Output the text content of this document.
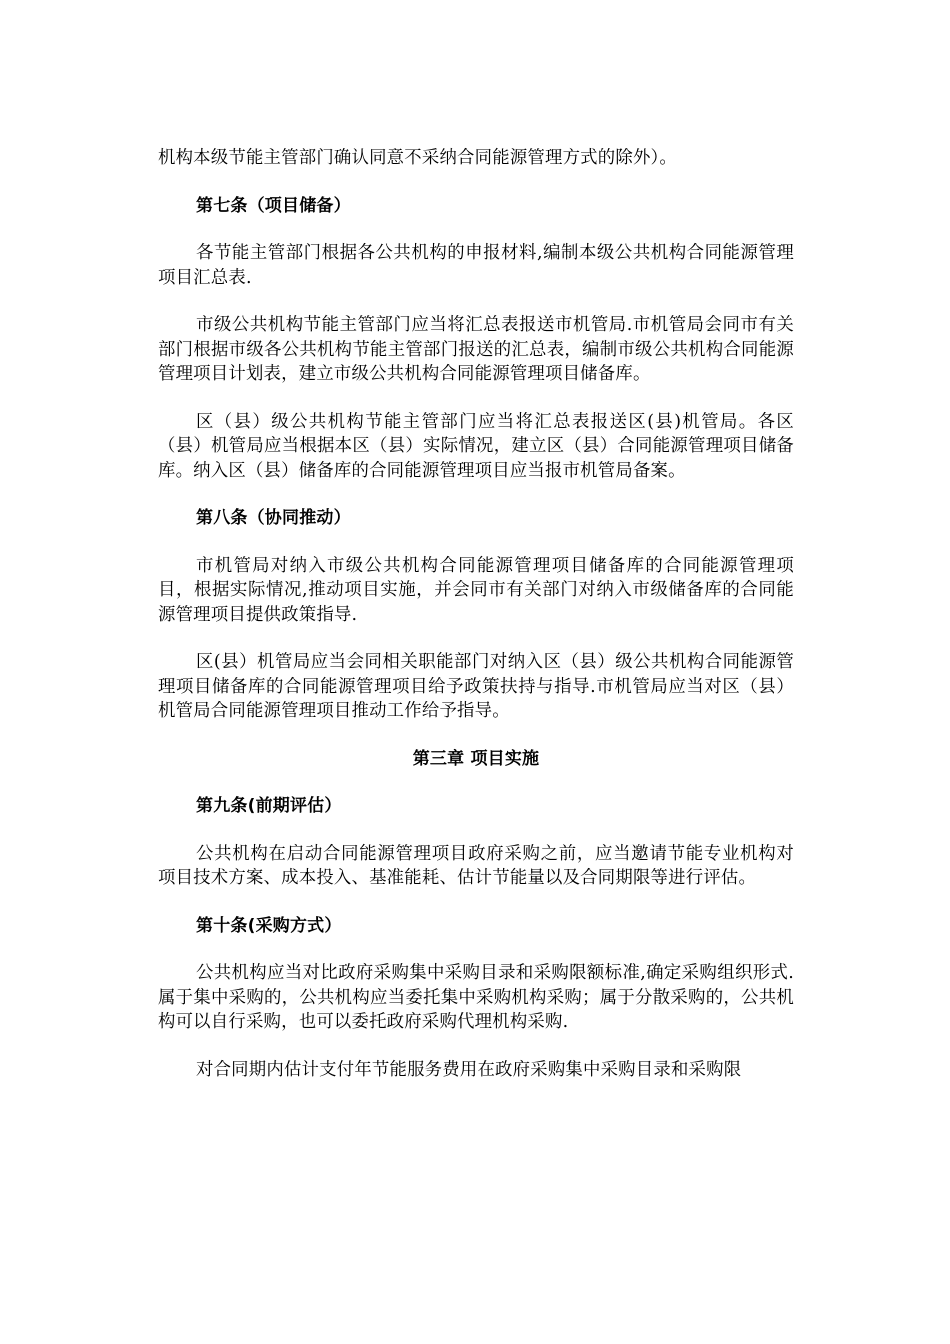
机构本级节能主管部门确认同意不采纳合同能源管理方式的除外）。

第七条（项目储备）

各节能主管部门根据各公共机构的申报材料,编制本级公共机构合同能源管理项目汇总表.

市级公共机构节能主管部门应当将汇总表报送市机管局.市机管局会同市有关部门根据市级各公共机构节能主管部门报送的汇总表，编制市级公共机构合同能源管理项目计划表，建立市级公共机构合同能源管理项目储备库。

区（县）级公共机构节能主管部门应当将汇总表报送区(县)机管局。各区（县）机管局应当根据本区（县）实际情况，建立区（县）合同能源管理项目储备库。纳入区（县）储备库的合同能源管理项目应当报市机管局备案。

第八条（协同推动）

市机管局对纳入市级公共机构合同能源管理项目储备库的合同能源管理项目，根据实际情况,推动项目实施，并会同市有关部门对纳入市级储备库的合同能源管理项目提供政策指导.

区(县）机管局应当会同相关职能部门对纳入区（县）级公共机构合同能源管理项目储备库的合同能源管理项目给予政策扶持与指导.市机管局应当对区（县）机管局合同能源管理项目推动工作给予指导。

第三章 项目实施

第九条(前期评估）

公共机构在启动合同能源管理项目政府采购之前，应当邀请节能专业机构对项目技术方案、成本投入、基准能耗、估计节能量以及合同期限等进行评估。

第十条(采购方式）

公共机构应当对比政府采购集中采购目录和采购限额标准,确定采购组织形式.属于集中采购的，公共机构应当委托集中采购机构采购；属于分散采购的，公共机构可以自行采购，也可以委托政府采购代理机构采购.

对合同期内估计支付年节能服务费用在政府采购集中采购目录和采购限
